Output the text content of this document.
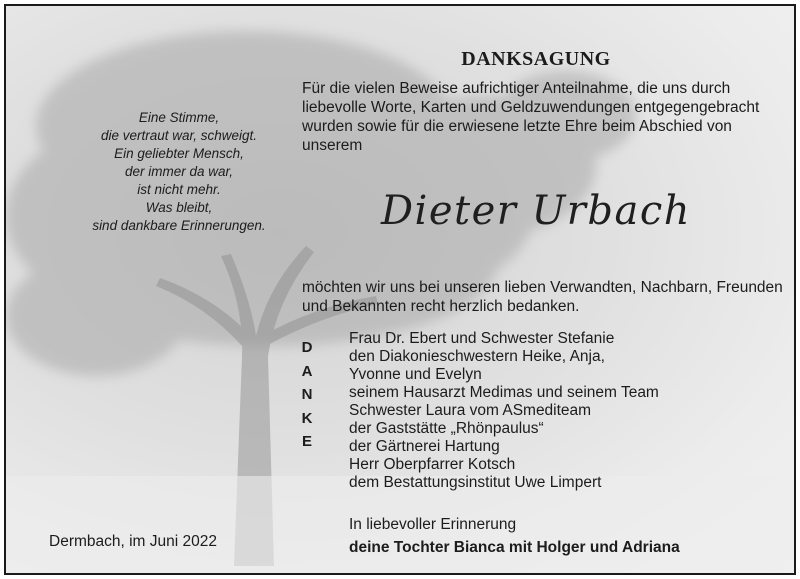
DANKSAGUNG
Für die vielen Beweise aufrichtiger Anteilnahme, die uns durch liebevolle Worte, Karten und Geldzuwendungen entgegengebracht wurden sowie für die erwiesene letzte Ehre beim Abschied von unserem
Eine Stimme,
die vertraut war, schweigt.
Ein geliebter Mensch,
der immer da war,
ist nicht mehr.
Was bleibt,
sind dankbare Erinnerungen.	Dieter Urbach
möchten wir uns bei unseren lieben Verwandten, Nachbarn, Freunden und Bekannten recht herzlich bedanken.
D
A
N
K
E
Frau Dr. Ebert und Schwester Stefanie
den Diakonieschwestern Heike, Anja,
Yvonne und Evelyn
seinem Hausarzt Medimas und seinem Team
Schwester Laura vom ASmediteam
der Gaststätte „Rhönpaulus“
der Gärtnerei Hartung
Herr Oberpfarrer Kotsch
dem Bestattungsinstitut Uwe Limpert
Dermbach, im Juni 2022
In liebevoller Erinnerung
deine Tochter Bianca mit Holger und Adriana
